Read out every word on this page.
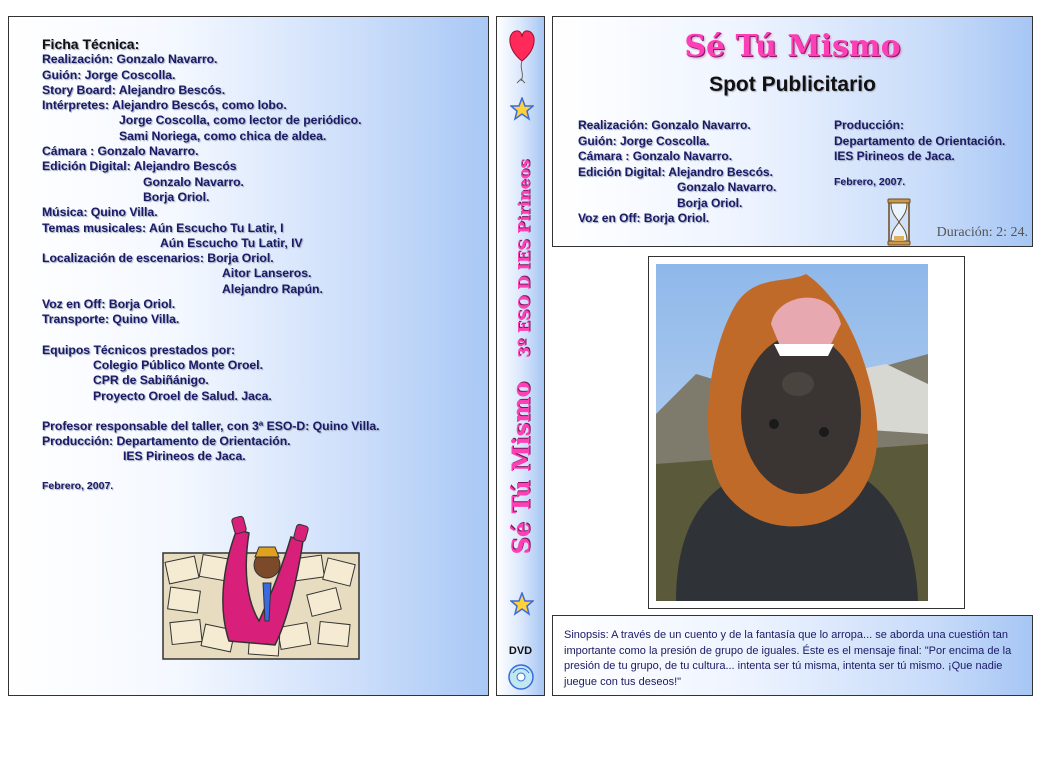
Ficha Técnica:
Realización: Gonzalo Navarro.
Guión: Jorge Coscolla.
Story Board: Alejandro Bescós.
Intérpretes: Alejandro Bescós, como lobo.
Jorge Coscolla, como lector de periódico.
Sami Noriega, como chica de aldea.
Cámara : Gonzalo Navarro.
Edición Digital: Alejandro Bescós
Gonzalo Navarro.
Borja Oriol.
Música: Quino Villa.
Temas musicales: Aún Escucho Tu Latir, I
Aún Escucho Tu Latir, IV
Localización de escenarios: Borja Oriol.
Aitor Lanseros.
Alejandro Rapún.
Voz en Off: Borja Oriol.
Transporte: Quino Villa.
Equipos Técnicos prestados por:
Colegio Público Monte Oroel.
CPR de Sabiñánigo.
Proyecto Oroel de Salud. Jaca.
Profesor responsable del taller, con 3ª ESO-D: Quino Villa.
Producción: Departamento de Orientación.
IES Pirineos de Jaca.
Febrero, 2007.	Sé Tú Mismo 3º ESO D IES Pirineos
DVD
Sé Tú Mismo
Spot Publicitario
Realización: Gonzalo Navarro.
Guión: Jorge Coscolla.
Cámara : Gonzalo Navarro.
Edición Digital: Alejandro Bescós.
Gonzalo Navarro.
Borja Oriol.
Voz en Off: Borja Oriol.
Producción:
Departamento de Orientación.
IES Pirineos de Jaca.
Febrero, 2007.
Duración: 2: 24.
Sinopsis: A través de un cuento y de la fantasía que lo arropa... se aborda una cuestión tan importante como la presión de grupo de iguales. Éste es el mensaje final: "Por encima de la presión de tu grupo, de tu cultura... intenta ser tú misma, intenta ser tú mismo. ¡Que nadie juegue con tus deseos!"
